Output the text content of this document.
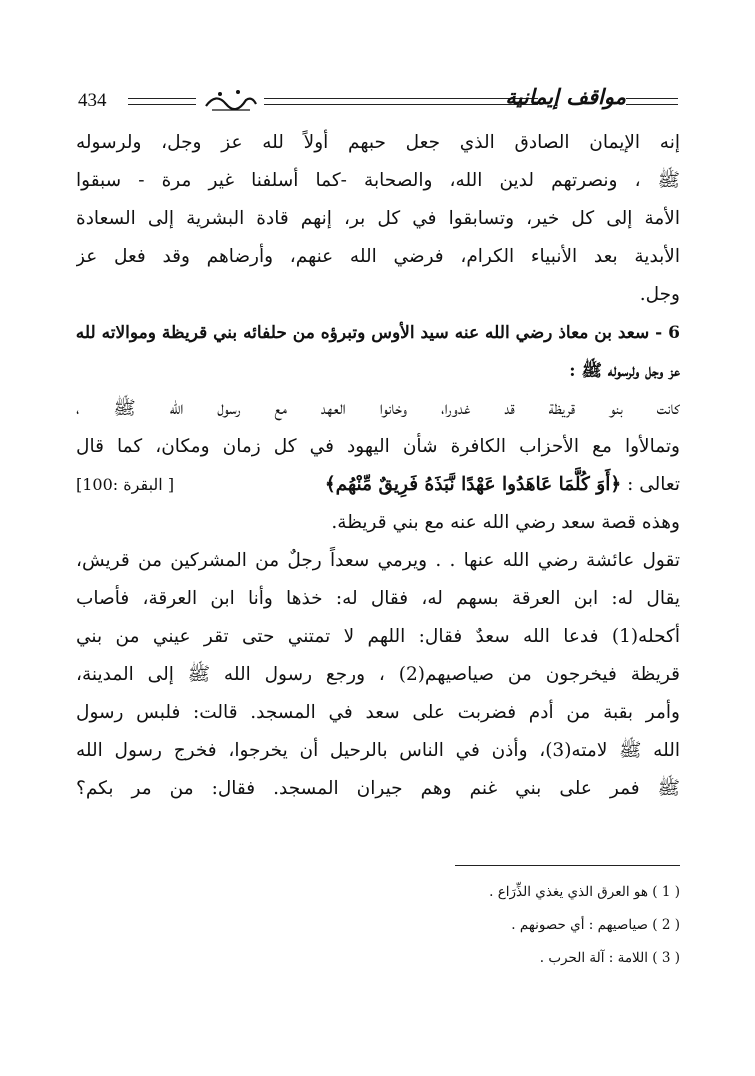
434	مواقف إيمانية
إنه الإيمان الصادق الذي جعل حبهم أولاً لله عز وجل، ولرسوله
ﷺ ، ونصرتهم لدين الله، والصحابة -كما أسلفنا غير مرة - سبقوا
الأمة إلى كل خير، وتسابقوا في كل بر، إنهم قادة البشرية إلى السعادة
الأبدية بعد الأنبياء الكرام، فرضي الله عنهم، وأرضاهم وقد فعل عز
وجل.
6 - سعد بن معاذ رضي الله عنه سيد الأوس وتبرؤه من حلفائه بني قريظة وموالاته لله
عز وجل ولرسوله ﷺ :
كانت بنو قريظة قد غدورا، وخانوا العهد مع رسول الله ﷺ ،
وتمالأوا مع الأحزاب الكافرة شأن اليهود في كل زمان ومكان، كما قال
تعالى : ﴿أَوَ كُلَّمَا عَاهَدُوا عَهْدًا نَّبَذَهُ فَرِيقٌ مِّنْهُم﴾
[ البقرة :100]
وهذه قصة سعد رضي الله عنه مع بني قريظة.
تقول عائشة رضي الله عنها . . ويرمي سعداً رجلٌ من المشركين من قريش،
يقال له: ابن العرقة بسهم له، فقال له: خذها وأنا ابن العرقة، فأصاب
أكحله(1) فدعا الله سعدٌ فقال: اللهم لا تمتني حتى تقر عيني من بني
قريظة فيخرجون من صياصيهم(2) ، ورجع رسول الله ﷺ إلى المدينة،
وأمر بقبة من أدم فضربت على سعد في المسجد. قالت: فلبس رسول
الله ﷺ لامته(3)، وأذن في الناس بالرحيل أن يخرجوا، فخرج رسول الله
ﷺ فمر على بني غنم وهم جيران المسجد. فقال: من مر بكم؟
( 1 ) هو العرق الذي يغذي الذِّرَاع .
( 2 ) صياصيهم : أي حصونهم .
( 3 ) اللامة : آلة الحرب .
